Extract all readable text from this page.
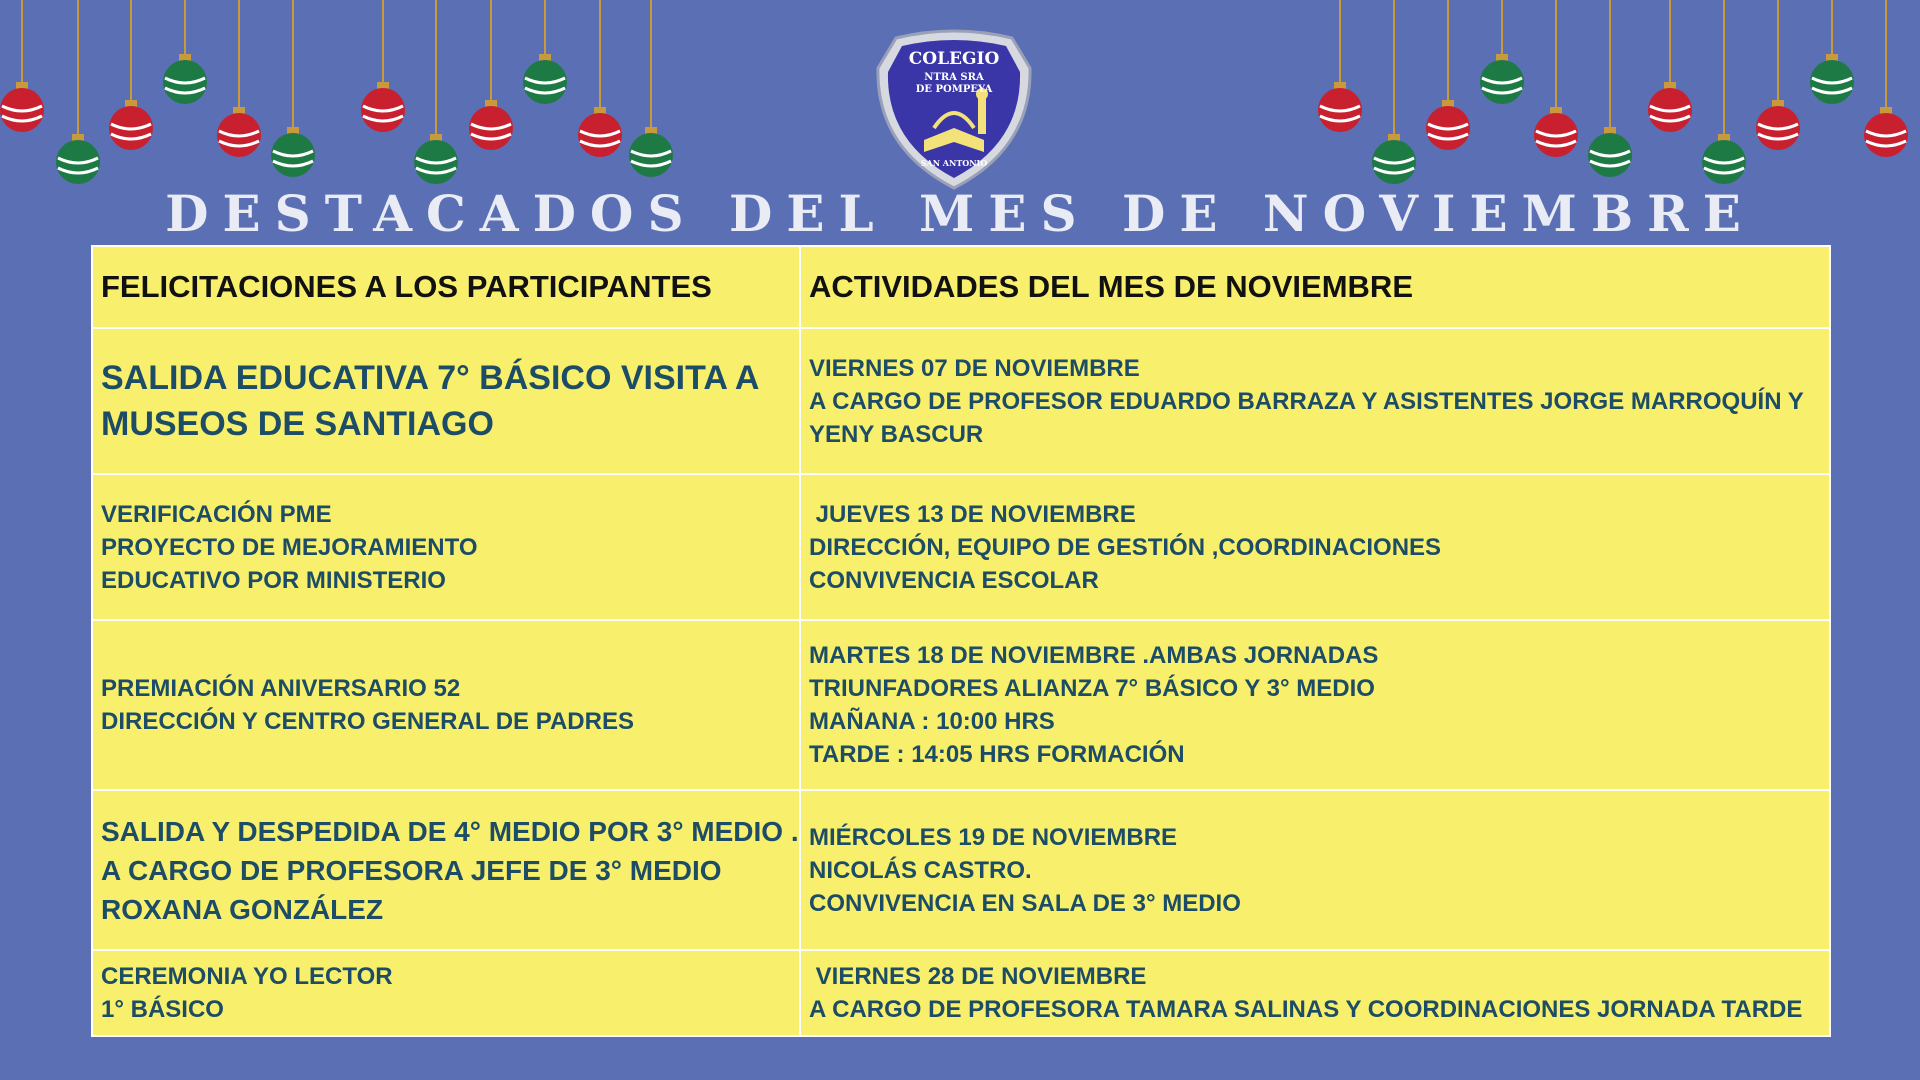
COLEGIO
NTRA SRA
DE POMPEYA
SAN ANTONIO
DESTACADOS DEL MES DE NOVIEMBRE
FELICITACIONES A LOS PARTICIPANTES	ACTIVIDADES DEL MES DE NOVIEMBRE

SALIDA EDUCATIVA 7° BÁSICO VISITA A
MUSEOS DE SANTIAGO	VIERNES 07 DE NOVIEMBRE
A CARGO DE PROFESOR EDUARDO BARRAZA Y ASISTENTES JORGE MARROQUÍN Y
YENY BASCUR

VERIFICACIÓN PME
PROYECTO DE MEJORAMIENTO
EDUCATIVO POR MINISTERIO	JUEVES 13 DE NOVIEMBRE
DIRECCIÓN, EQUIPO DE GESTIÓN ,COORDINACIONES
CONVIVENCIA ESCOLAR

PREMIACIÓN ANIVERSARIO 52
DIRECCIÓN Y CENTRO GENERAL DE PADRES	MARTES 18 DE NOVIEMBRE .AMBAS JORNADAS
TRIUNFADORES ALIANZA 7° BÁSICO Y 3° MEDIO
MAÑANA : 10:00 HRS
TARDE : 14:05 HRS FORMACIÓN

SALIDA Y DESPEDIDA DE 4° MEDIO POR 3° MEDIO .
A CARGO DE PROFESORA JEFE DE 3° MEDIO
ROXANA GONZÁLEZ	MIÉRCOLES 19 DE NOVIEMBRE
NICOLÁS CASTRO.
CONVIVENCIA EN SALA DE 3° MEDIO

CEREMONIA YO LECTOR
1° BÁSICO	VIERNES 28 DE NOVIEMBRE
A CARGO DE PROFESORA TAMARA SALINAS Y COORDINACIONES JORNADA TARDE
